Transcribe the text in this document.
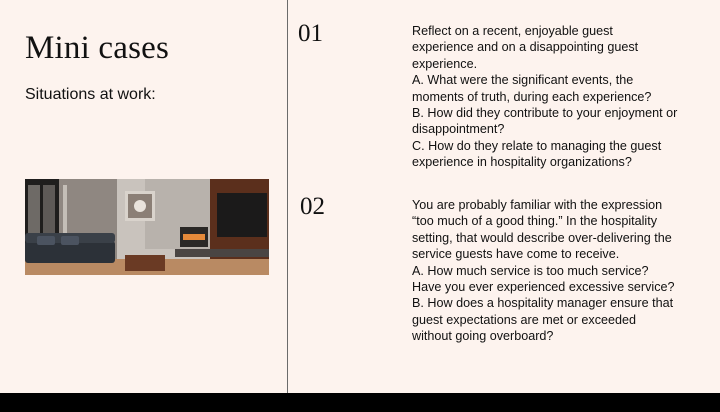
Mini cases
Situations at work:
01	Reflect on a recent, enjoyable guest
experience and on a disappointing guest
experience.
A. What were the significant events, the
moments of truth, during each experience?
B. How did they contribute to your enjoyment or
disappointment?
C. How do they relate to managing the guest
experience in hospitality organizations?
02	You are probably familiar with the expression
“too much of a good thing.” In the hospitality
setting, that would describe over-delivering the
service guests have come to receive.
A. How much service is too much service?
Have you ever experienced excessive service?
B. How does a hospitality manager ensure that
guest expectations are met or exceeded
without going overboard?
